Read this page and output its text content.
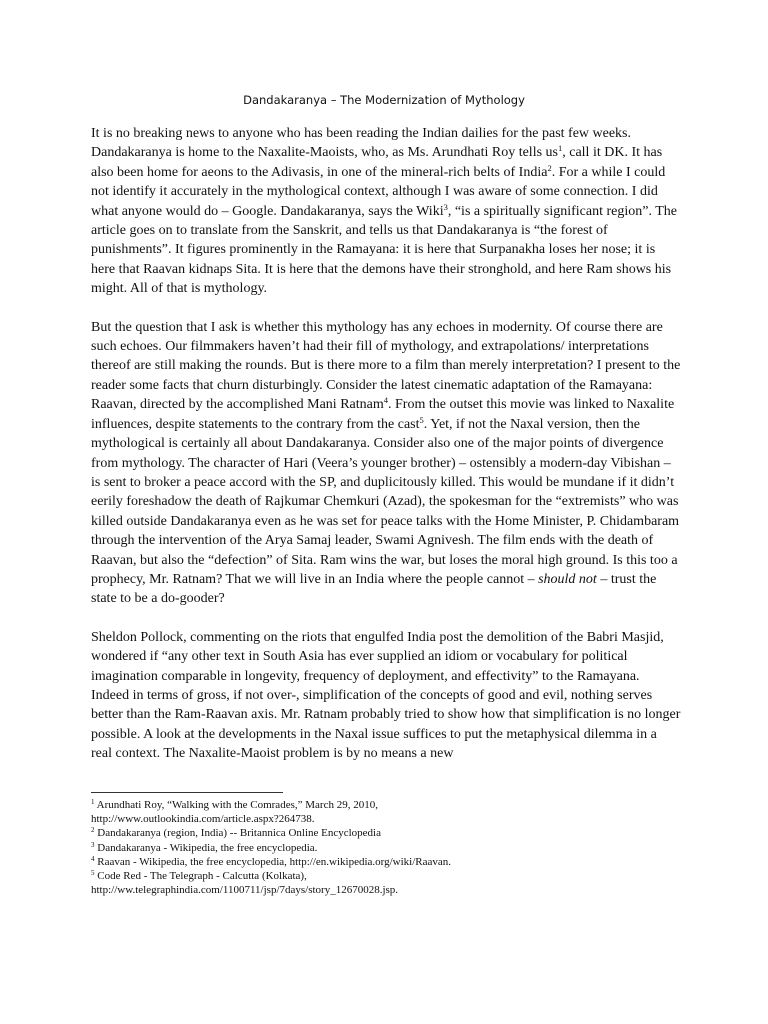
Dandakaranya – The Modernization of Mythology

It is no breaking news to anyone who has been reading the Indian dailies for the past few weeks. Dandakaranya is home to the Naxalite-Maoists, who, as Ms. Arundhati Roy tells $us^1$, call it DK. It has also been home for aeons to the Adivasis, in one of the mineral-rich belts of India$^2$. For a while I could not identify it accurately in the mythological context, although I was aware of some connection. I did what anyone would do – Google. Dandakaranya, says the Wiki$^3$, “is a spiritually significant region”. The article goes on to translate from the Sanskrit, and tells us that Dandakaranya is “the forest of punishments”. It figures prominently in the Ramayana: it is here that Surpanakha loses her nose; it is here that Raavan kidnaps Sita. It is here that the demons have their stronghold, and here Ram shows his might. All of that is mythology.

But the question that I ask is whether this mythology has any echoes in modernity. Of course there are such echoes. Our filmmakers haven’t had their fill of mythology, and extrapolations/ interpretations thereof are still making the rounds. But is there more to a film than merely interpretation? I present to the reader some facts that churn disturbingly. Consider the latest cinematic adaptation of the Ramayana: Raavan, directed by the accomplished Mani Ratnam$^4$. From the outset this movie was linked to Naxalite influences, despite statements to the contrary from the cast$^5$. Yet, if not the Naxal version, then the mythological is certainly all about Dandakaranya. Consider also one of the major points of divergence from mythology. The character of Hari (Veera’s younger brother) – ostensibly a modern-day Vibishan – is sent to broker a peace accord with the SP, and duplicitously killed. This would be mundane if it didn’t eerily foreshadow the death of Rajkumar Chemkuri (Azad), the spokesman for the “extremists” who was killed outside Dandakaranya even as he was set for peace talks with the Home Minister, P. Chidambaram through the intervention of the Arya Samaj leader, Swami Agnivesh. The film ends with the death of Raavan, but also the “defection” of Sita. Ram wins the war, but loses the moral high ground. Is this too a prophecy, Mr. Ratnam? That we will live in an India where the people cannot – should not – trust the state to be a do-gooder?

Sheldon Pollock, commenting on the riots that engulfed India post the demolition of the Babri Masjid, wondered if “any other text in South Asia has ever supplied an idiom or vocabulary for political imagination comparable in longevity, frequency of deployment, and effectivity” to the Ramayana. Indeed in terms of gross, if not over-, simplification of the concepts of good and evil, nothing serves better than the Ram-Raavan axis. Mr. Ratnam probably tried to show how that simplification is no longer possible. A look at the developments in the Naxal issue suffices to put the metaphysical dilemma in a real context. The Naxalite-Maoist problem is by no means a new

$^1$ Arundhati Roy, “Walking with the Comrades,” March 29, 2010,
http://www.outlookindia.com/article.aspx?264738.
$^2$ Dandakaranya (region, India) -- Britannica Online Encyclopedia
$^3$ Dandakaranya - Wikipedia, the free encyclopedia.
$^4$ Raavan - Wikipedia, the free encyclopedia, http://en.wikipedia.org/wiki/Raavan.
$^5$ Code Red - The Telegraph - Calcutta (Kolkata),
http://ww.telegraphindia.com/1100711/jsp/7days/story_12670028.jsp.
